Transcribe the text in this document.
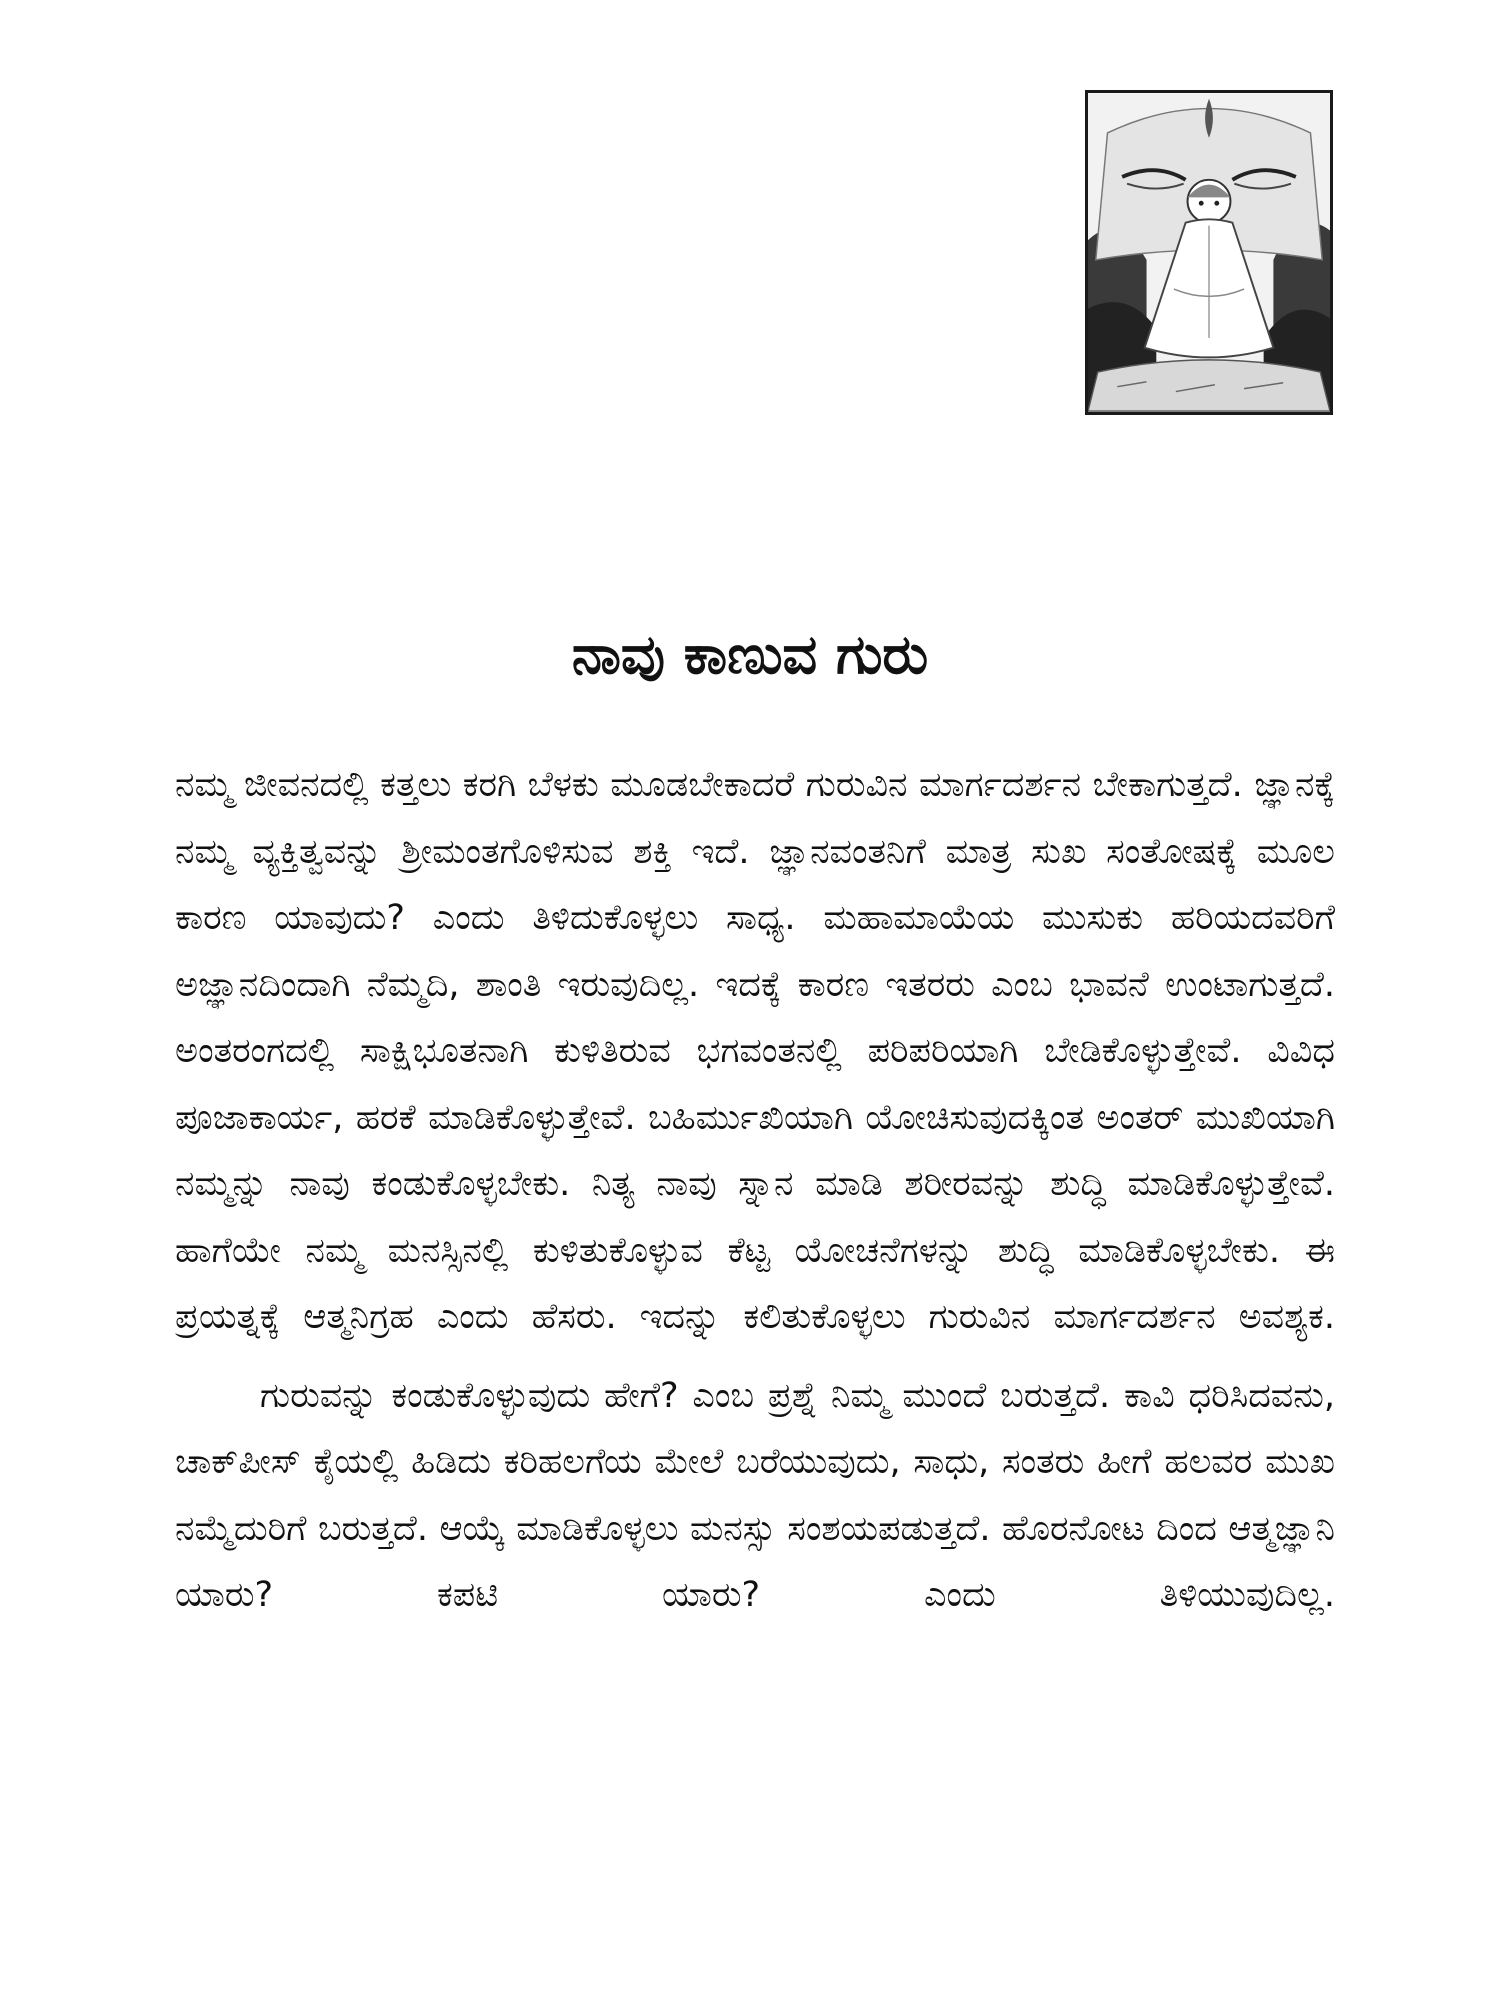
ನಾವು ಕಾಣುವ ಗುರು

ನಮ್ಮ ಜೀವನದಲ್ಲಿ ಕತ್ತಲು ಕರಗಿ ಬೆಳಕು ಮೂಡಬೇಕಾದರೆ ಗುರುವಿನ ಮಾರ್ಗದರ್ಶನ ಬೇಕಾಗುತ್ತದೆ. ಜ್ಞಾನಕ್ಕೆ ನಮ್ಮ ವ್ಯಕ್ತಿತ್ವವನ್ನು ಶ್ರೀಮಂತಗೊಳಿಸುವ ಶಕ್ತಿ ಇದೆ. ಜ್ಞಾನವಂತನಿಗೆ ಮಾತ್ರ ಸುಖ ಸಂತೋಷಕ್ಕೆ ಮೂಲ ಕಾರಣ ಯಾವುದು? ಎಂದು ತಿಳಿದುಕೊಳ್ಳಲು ಸಾಧ್ಯ. ಮಹಾಮಾಯೆಯ ಮುಸುಕು ಹರಿಯದವರಿಗೆ ಅಜ್ಞಾನದಿಂದಾಗಿ ನೆಮ್ಮದಿ, ಶಾಂತಿ ಇರುವುದಿಲ್ಲ. ಇದಕ್ಕೆ ಕಾರಣ ಇತರರು ಎಂಬ ಭಾವನೆ ಉಂಟಾಗುತ್ತದೆ. ಅಂತರಂಗದಲ್ಲಿ ಸಾಕ್ಷಿಭೂತನಾಗಿ ಕುಳಿತಿರುವ ಭಗವಂತನಲ್ಲಿ ಪರಿಪರಿಯಾಗಿ ಬೇಡಿಕೊಳ್ಳುತ್ತೇವೆ. ವಿವಿಧ ಪೂಜಾಕಾರ್ಯ, ಹರಕೆ ಮಾಡಿಕೊಳ್ಳುತ್ತೇವೆ. ಬಹಿರ್ಮುಖಿಯಾಗಿ ಯೋಚಿಸುವುದಕ್ಕಿಂತ ಅಂತರ್ ಮುಖಿಯಾಗಿ ನಮ್ಮನ್ನು ನಾವು ಕಂಡುಕೊಳ್ಳಬೇಕು. ನಿತ್ಯ ನಾವು ಸ್ನಾನ ಮಾಡಿ ಶರೀರವನ್ನು ಶುದ್ಧಿ ಮಾಡಿಕೊಳ್ಳುತ್ತೇವೆ. ಹಾಗೆಯೇ ನಮ್ಮ ಮನಸ್ಸಿನಲ್ಲಿ ಕುಳಿತುಕೊಳ್ಳುವ ಕೆಟ್ಟ ಯೋಚನೆಗಳನ್ನು ಶುದ್ಧಿ ಮಾಡಿಕೊಳ್ಳಬೇಕು. ಈ ಪ್ರಯತ್ನಕ್ಕೆ ಆತ್ಮನಿಗ್ರಹ ಎಂದು ಹೆಸರು. ಇದನ್ನು ಕಲಿತುಕೊಳ್ಳಲು ಗುರುವಿನ ಮಾರ್ಗದರ್ಶನ ಅವಶ್ಯಕ.

ಗುರುವನ್ನು ಕಂಡುಕೊಳ್ಳುವುದು ಹೇಗೆ? ಎಂಬ ಪ್ರಶ್ನೆ ನಿಮ್ಮ ಮುಂದೆ ಬರುತ್ತದೆ. ಕಾವಿ ಧರಿಸಿದವನು, ಚಾಕ್‌ಪೀಸ್ ಕೈಯಲ್ಲಿ ಹಿಡಿದು ಕರಿಹಲಗೆಯ ಮೇಲೆ ಬರೆಯುವುದು, ಸಾಧು, ಸಂತರು ಹೀಗೆ ಹಲವರ ಮುಖ ನಮ್ಮೆದುರಿಗೆ ಬರುತ್ತದೆ. ಆಯ್ಕೆ ಮಾಡಿಕೊಳ್ಳಲು ಮನಸ್ಸು ಸಂಶಯಪಡುತ್ತದೆ. ಹೊರನೋಟ ದಿಂದ ಆತ್ಮಜ್ಞಾನಿ ಯಾರು? ಕಪಟಿ ಯಾರು? ಎಂದು ತಿಳಿಯುವುದಿಲ್ಲ.
